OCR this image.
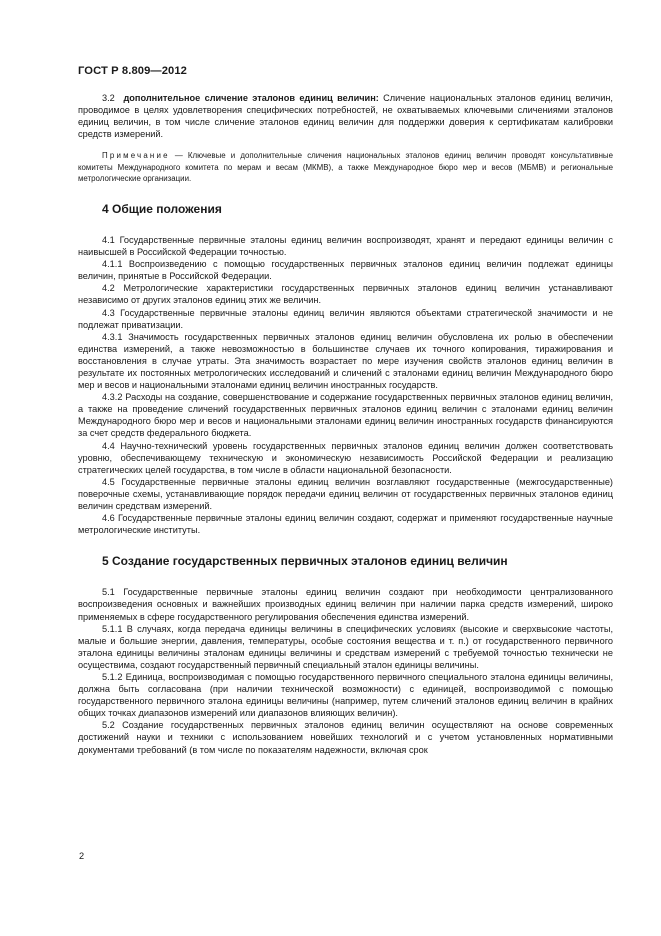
ГОСТ Р 8.809—2012

3.2 дополнительное сличение эталонов единиц величин: Сличение национальных эталонов единиц величин, проводимое в целях удовлетворения специфических потребностей, не охватываемых ключевыми сличениями эталонов единиц величин, в том числе сличение эталонов единиц величин для поддержки доверия к сертификатам калибровки средств измерений.

Примечание — Ключевые и дополнительные сличения национальных эталонов единиц величин проводят консультативные комитеты Международного комитета по мерам и весам (МКМВ), а также Международное бюро мер и весов (МБМВ) и региональные метрологические организации.

4 Общие положения

4.1 Государственные первичные эталоны единиц величин воспроизводят, хранят и передают единицы величин с наивысшей в Российской Федерации точностью.

4.1.1 Воспроизведению с помощью государственных первичных эталонов единиц величин подлежат единицы величин, принятые в Российской Федерации.

4.2 Метрологические характеристики государственных первичных эталонов единиц величин устанавливают независимо от других эталонов единиц этих же величин.

4.3 Государственные первичные эталоны единиц величин являются объектами стратегической значимости и не подлежат приватизации.

4.3.1 Значимость государственных первичных эталонов единиц величин обусловлена их ролью в обеспечении единства измерений, а также невозможностью в большинстве случаев их точного копирования, тиражирования и восстановления в случае утраты. Эта значимость возрастает по мере изучения свойств эталонов единиц величин в результате их постоянных метрологических исследований и сличений с эталонами единиц величин Международного бюро мер и весов и национальными эталонами единиц величин иностранных государств.

4.3.2 Расходы на создание, совершенствование и содержание государственных первичных эталонов единиц величин, а также на проведение сличений государственных первичных эталонов единиц величин с эталонами единиц величин Международного бюро мер и весов и национальными эталонами единиц величин иностранных государств финансируются за счет средств федерального бюджета.

4.4 Научно-технический уровень государственных первичных эталонов единиц величин должен соответствовать уровню, обеспечивающему техническую и экономическую независимость Российской Федерации и реализацию стратегических целей государства, в том числе в области национальной безопасности.

4.5 Государственные первичные эталоны единиц величин возглавляют государственные (межгосударственные) поверочные схемы, устанавливающие порядок передачи единиц величин от государственных первичных эталонов единиц величин средствам измерений.

4.6 Государственные первичные эталоны единиц величин создают, содержат и применяют государственные научные метрологические институты.

5 Создание государственных первичных эталонов единиц величин

5.1 Государственные первичные эталоны единиц величин создают при необходимости централизованного воспроизведения основных и важнейших производных единиц величин при наличии парка средств измерений, широко применяемых в сфере государственного регулирования обеспечения единства измерений.

5.1.1 В случаях, когда передача единицы величины в специфических условиях (высокие и сверхвысокие частоты, малые и большие энергии, давления, температуры, особые состояния вещества и т. п.) от государственного первичного эталона единицы величины эталонам единицы величины и средствам измерений с требуемой точностью технически не осуществима, создают государственный первичный специальный эталон единицы величины.

5.1.2 Единица, воспроизводимая с помощью государственного первичного специального эталона единицы величины, должна быть согласована (при наличии технической возможности) с единицей, воспроизводимой с помощью государственного первичного эталона единицы величины (например, путем сличений эталонов единиц величин в крайних общих точках диапазонов измерений или диапазонов влияющих величин).

5.2 Создание государственных первичных эталонов единиц величин осуществляют на основе современных достижений науки и техники с использованием новейших технологий и с учетом установленных нормативными документами требований (в том числе по показателям надежности, включая срок

2
